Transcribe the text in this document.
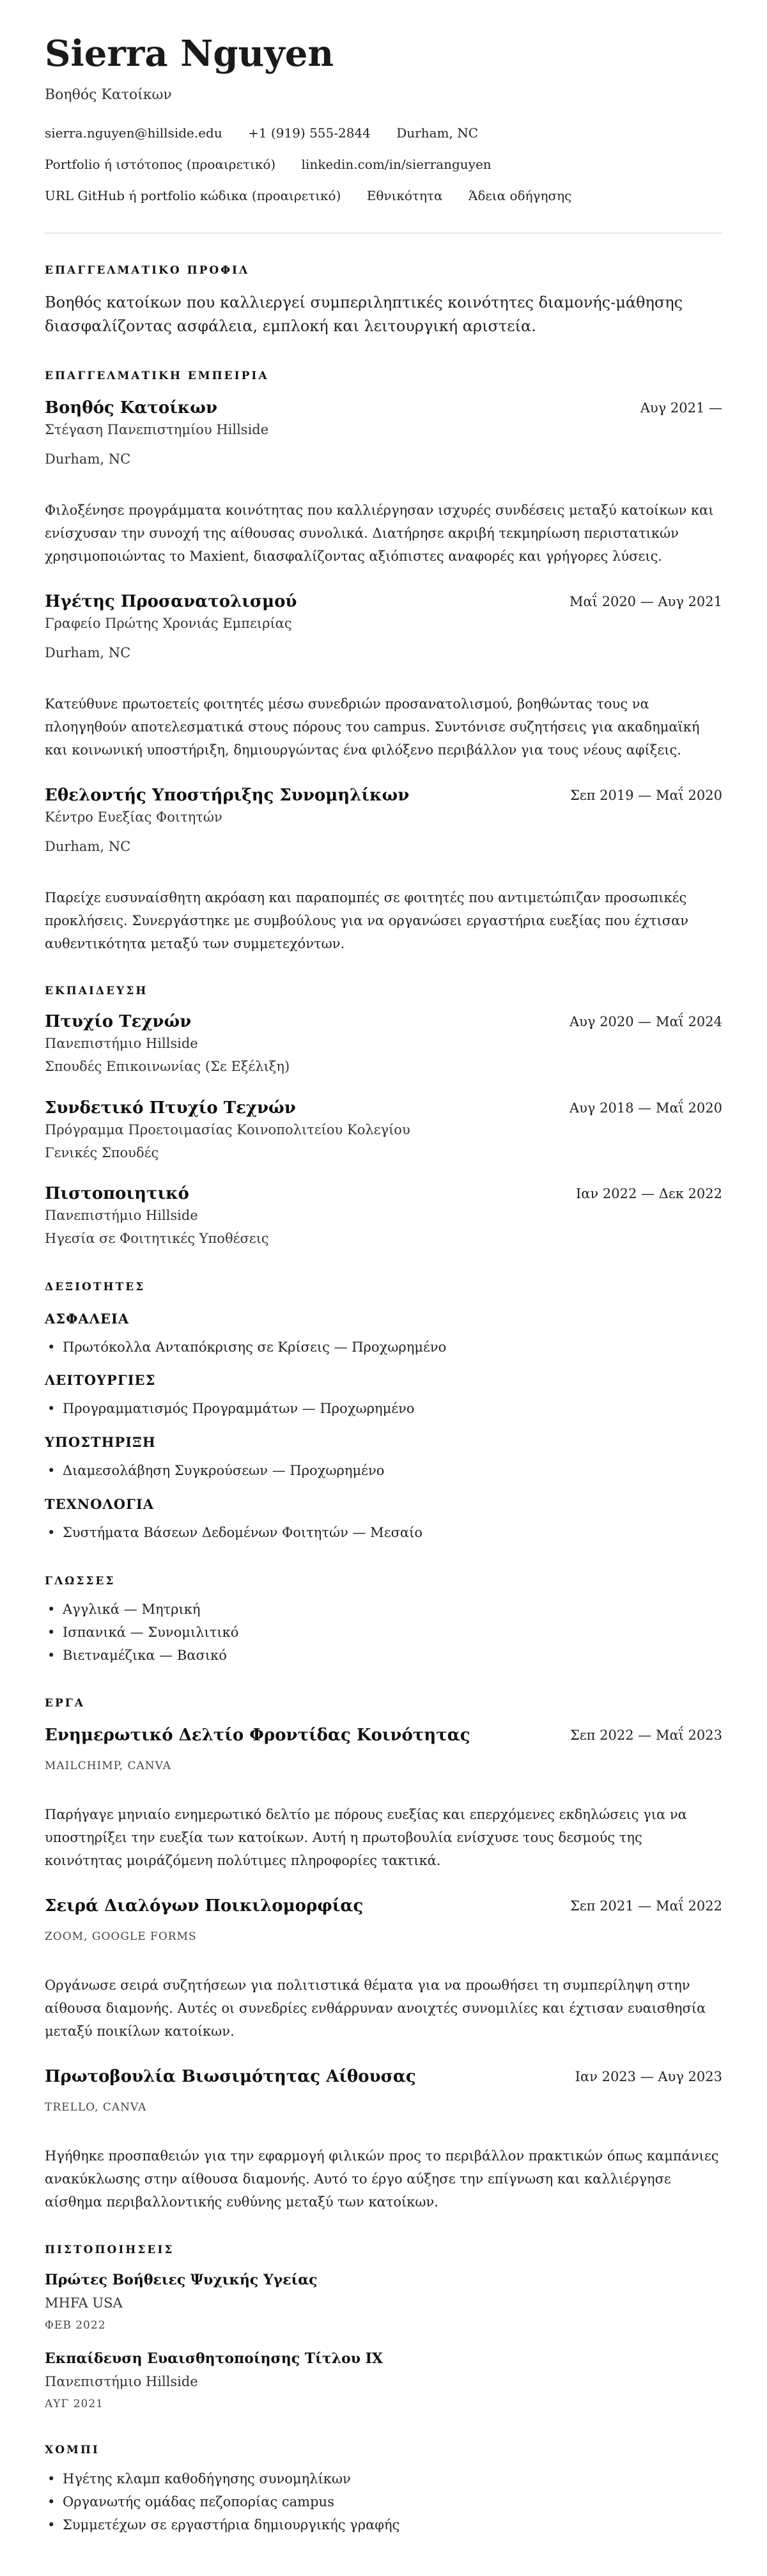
Sierra Nguyen
Βοηθός Κατοίκων
sierra.nguyen@hillside.edu +1 (919) 555-2844 Durham, NC
Portfolio ή ιστότοπος (προαιρετικό) linkedin.com/in/sierranguyen
URL GitHub ή portfolio κώδικα (προαιρετικό) Εθνικότητα Άδεια οδήγησης
ΕΠΑΓΓΕΛΜΑΤΙΚΟ ΠΡΟΦΙΛ
Βοηθός κατοίκων που καλλιεργεί συμπεριληπτικές κοινότητες διαμονής-μάθησης διασφαλίζοντας ασφάλεια, εμπλοκή και λειτουργική αριστεία.
ΕΠΑΓΓΕΛΜΑΤΙΚΗ ΕΜΠΕΙΡΙΑ
Βοηθός Κατοίκων	Αυγ 2021 —
Στέγαση Πανεπιστημίου Hillside
Durham, NC
Φιλοξένησε προγράμματα κοινότητας που καλλιέργησαν ισχυρές συνδέσεις μεταξύ κατοίκων και ενίσχυσαν την συνοχή της αίθουσας συνολικά. Διατήρησε ακριβή τεκμηρίωση περιστατικών χρησιμοποιώντας το Maxient, διασφαλίζοντας αξιόπιστες αναφορές και γρήγορες λύσεις.
Ηγέτης Προσανατολισμού	Μαΐ 2020 — Αυγ 2021
Γραφείο Πρώτης Χρονιάς Εμπειρίας
Durham, NC
Κατεύθυνε πρωτοετείς φοιτητές μέσω συνεδριών προσανατολισμού, βοηθώντας τους να πλοηγηθούν αποτελεσματικά στους πόρους του campus. Συντόνισε συζητήσεις για ακαδημαϊκή και κοινωνική υποστήριξη, δημιουργώντας ένα φιλόξενο περιβάλλον για τους νέους αφίξεις.
Εθελοντής Υποστήριξης Συνομηλίκων	Σεπ 2019 — Μαΐ 2020
Κέντρο Ευεξίας Φοιτητών
Durham, NC
Παρείχε ευσυναίσθητη ακρόαση και παραπομπές σε φοιτητές που αντιμετώπιζαν προσωπικές προκλήσεις. Συνεργάστηκε με συμβούλους για να οργανώσει εργαστήρια ευεξίας που έχτισαν αυθεντικότητα μεταξύ των συμμετεχόντων.
ΕΚΠΑΙΔΕΥΣΗ
Πτυχίο Τεχνών	Αυγ 2020 — Μαΐ 2024
Πανεπιστήμιο Hillside
Σπουδές Επικοινωνίας (Σε Εξέλιξη)
Συνδετικό Πτυχίο Τεχνών	Αυγ 2018 — Μαΐ 2020
Πρόγραμμα Προετοιμασίας Κοινοπολιτείου Κολεγίου
Γενικές Σπουδές
Πιστοποιητικό	Ιαν 2022 — Δεκ 2022
Πανεπιστήμιο Hillside
Ηγεσία σε Φοιτητικές Υποθέσεις
ΔΕΞΙΟΤΗΤΕΣ
ΑΣΦΑΛΕΙΑ
• Πρωτόκολλα Ανταπόκρισης σε Κρίσεις — Προχωρημένο
ΛΕΙΤΟΥΡΓΙΕΣ
• Προγραμματισμός Προγραμμάτων — Προχωρημένο
ΥΠΟΣΤΗΡΙΞΗ
• Διαμεσολάβηση Συγκρούσεων — Προχωρημένο
ΤΕΧΝΟΛΟΓΙΑ
• Συστήματα Βάσεων Δεδομένων Φοιτητών — Μεσαίο
ΓΛΩΣΣΕΣ
• Αγγλικά — Μητρική
• Ισπανικά — Συνομιλιτικό
• Βιετναμέζικα — Βασικό
ΕΡΓΑ
Ενημερωτικό Δελτίο Φροντίδας Κοινότητας	Σεπ 2022 — Μαΐ 2023
MAILCHIMP, CANVA
Παρήγαγε μηνιαίο ενημερωτικό δελτίο με πόρους ευεξίας και επερχόμενες εκδηλώσεις για να υποστηρίξει την ευεξία των κατοίκων. Αυτή η πρωτοβουλία ενίσχυσε τους δεσμούς της κοινότητας μοιράζόμενη πολύτιμες πληροφορίες τακτικά.
Σειρά Διαλόγων Ποικιλομορφίας	Σεπ 2021 — Μαΐ 2022
ZOOM, GOOGLE FORMS
Οργάνωσε σειρά συζητήσεων για πολιτιστικά θέματα για να προωθήσει τη συμπερίληψη στην αίθουσα διαμονής. Αυτές οι συνεδρίες ενθάρρυναν ανοιχτές συνομιλίες και έχτισαν ευαισθησία μεταξύ ποικίλων κατοίκων.
Πρωτοβουλία Βιωσιμότητας Αίθουσας	Ιαν 2023 — Αυγ 2023
TRELLO, CANVA
Ηγήθηκε προσπαθειών για την εφαρμογή φιλικών προς το περιβάλλον πρακτικών όπως καμπάνιες ανακύκλωσης στην αίθουσα διαμονής. Αυτό το έργο αύξησε την επίγνωση και καλλιέργησε αίσθημα περιβαλλοντικής ευθύνης μεταξύ των κατοίκων.
ΠΙΣΤΟΠΟΙΗΣΕΙΣ
Πρώτες Βοήθειες Ψυχικής Υγείας
MHFA USA
ΦΕΒ 2022
Εκπαίδευση Ευαισθητοποίησης Τίτλου IX
Πανεπιστήμιο Hillside
ΑΥΓ 2021
ΧΟΜΠΙ
• Ηγέτης κλαμπ καθοδήγησης συνομηλίκων
• Οργανωτής ομάδας πεζοπορίας campus
• Συμμετέχων σε εργαστήρια δημιουργικής γραφής
